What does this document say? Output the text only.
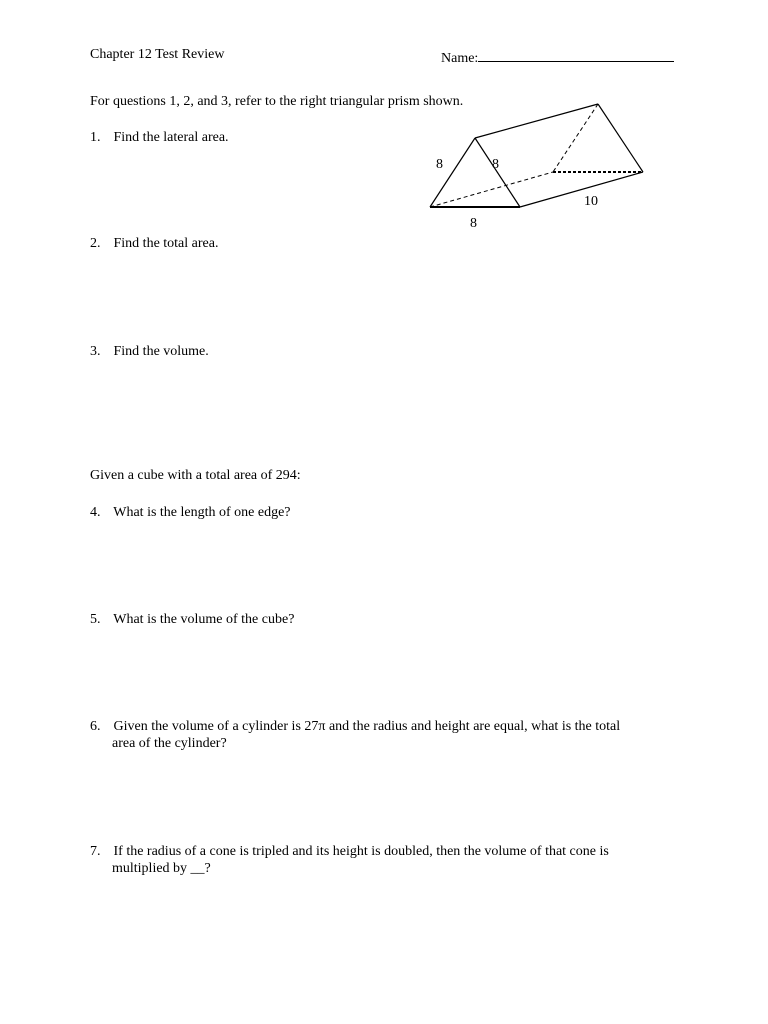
Chapter 12 Test Review	Name:
For questions 1, 2, and 3, refer to the right triangular prism shown.
1. Find the lateral area.
2. Find the total area.
3. Find the volume.
Given a cube with a total area of 294:
4. What is the length of one edge?
5. What is the volume of the cube?
6. Given the volume of a cylinder is 27π and the radius and height are equal, what is the total
area of the cylinder?
7. If the radius of a cone is tripled and its height is doubled, then the volume of that cone is
multiplied by __?
8	8
8
10
